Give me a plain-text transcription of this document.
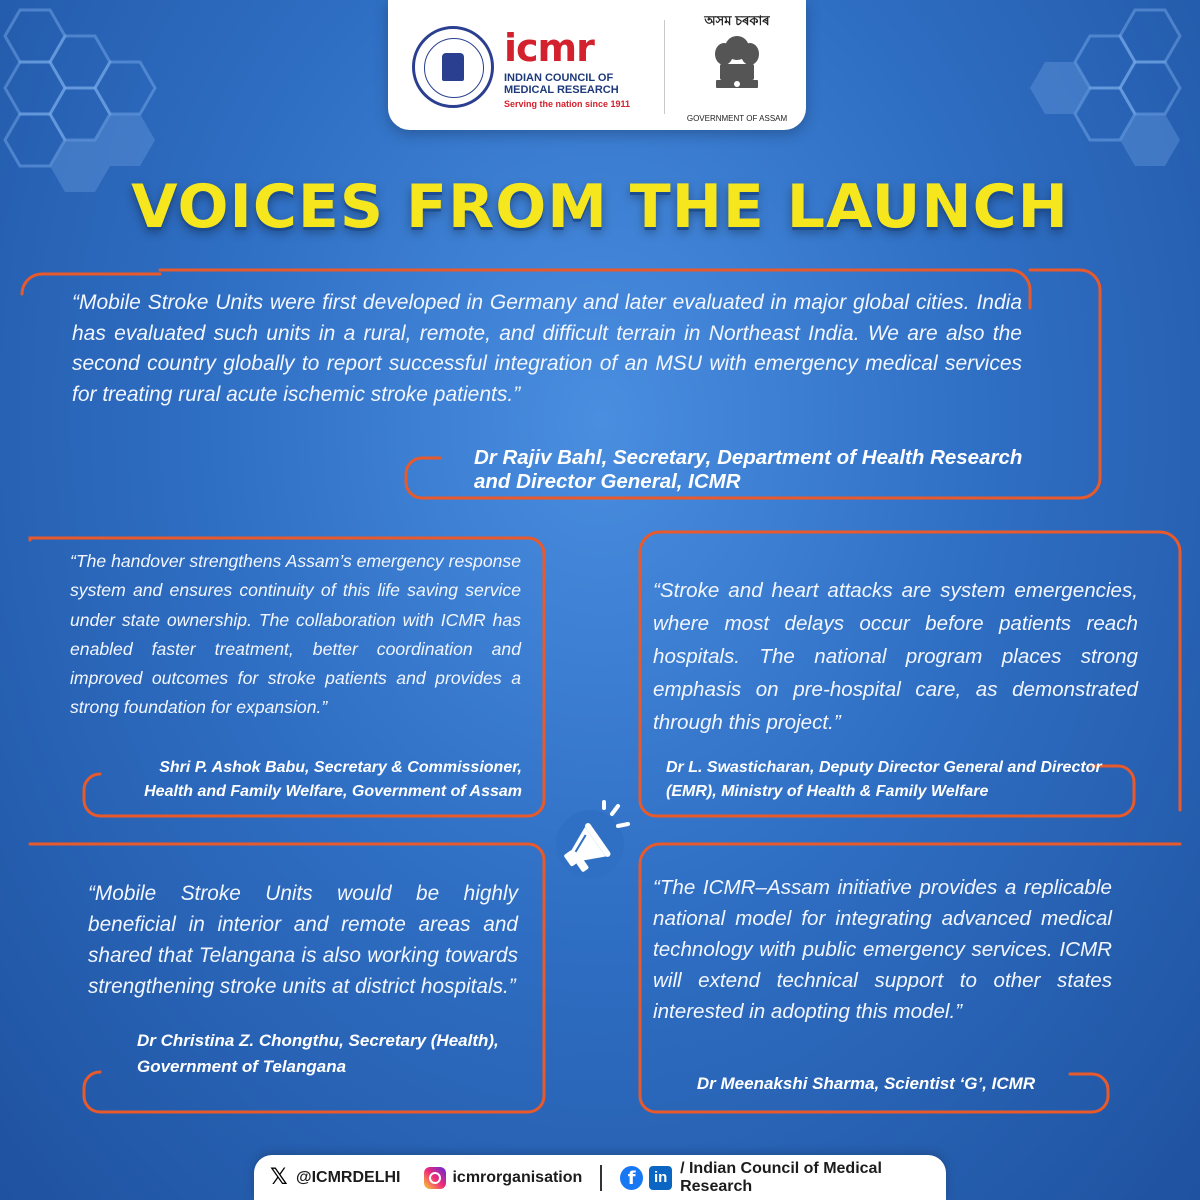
icmr
INDIAN COUNCIL OF MEDICAL RESEARCH
Serving the nation since 1911
অসম চৰকাৰ
GOVERNMENT OF ASSAM
VOICES FROM THE LAUNCH
“Mobile Stroke Units were first developed in Germany and later evaluated in major global cities. India has evaluated such units in a rural, remote, and difficult terrain in Northeast India. We are also the second country globally to report successful integration of an MSU with emergency medical services for treating rural acute ischemic stroke patients.”
Dr Rajiv Bahl, Secretary, Department of Health Research and Director General, ICMR
“The handover strengthens Assam’s emergency response system and ensures continuity of this life saving service under state ownership. The collaboration with ICMR has enabled faster treatment, better coordination and improved outcomes for stroke patients and provides a strong foundation for expansion.”
Shri P. Ashok Babu, Secretary & Commissioner, Health and Family Welfare, Government of Assam
“Stroke and heart attacks are system emergencies, where most delays occur before patients reach hospitals. The national program places strong emphasis on pre-hospital care, as demonstrated through this project.”
Dr L. Swasticharan, Deputy Director General and Director (EMR), Ministry of Health & Family Welfare
“Mobile Stroke Units would be highly beneficial in interior and remote areas and shared that Telangana is also working towards strengthening stroke units at district hospitals.”
Dr Christina Z. Chongthu, Secretary (Health), Government of Telangana
“The ICMR–Assam initiative provides a replicable national model for integrating advanced medical technology with public emergency services. ICMR will extend technical support to other states interested in adopting this model.”
Dr Meenakshi Sharma, Scientist ‘G’, ICMR
𝕏 @ICMRDELHI	icmrorganisation	f	in
/ Indian Council of Medical Research
